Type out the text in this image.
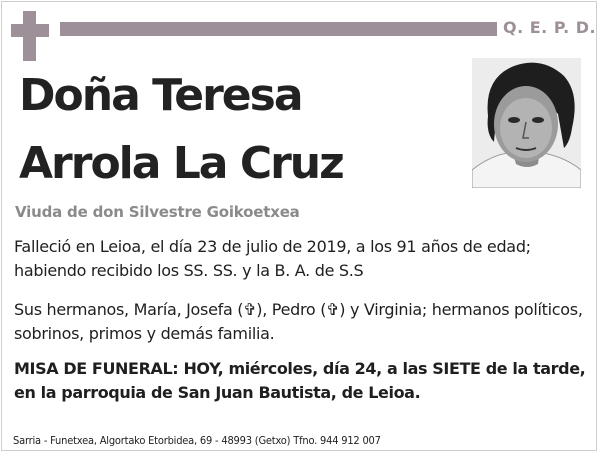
Q. E. P. D.
Doña Teresa
Arrola La Cruz

Viuda de don Silvestre Goikoetxea

Falleció en Leioa, el día 23 de julio de 2019, a los 91 años de edad; habiendo recibido los SS. SS. y la B. A. de S.S

Sus hermanos, María, Josefa (✞), Pedro (✞) y Virginia; hermanos políticos, sobrinos, primos y demás familia.

MISA DE FUNERAL: HOY, miércoles, día 24, a las SIETE de la tarde, en la parroquia de San Juan Bautista, de Leioa.

Sarria - Funetxea, Algortako Etorbidea, 69 - 48993 (Getxo) Tfno. 944 912 007
